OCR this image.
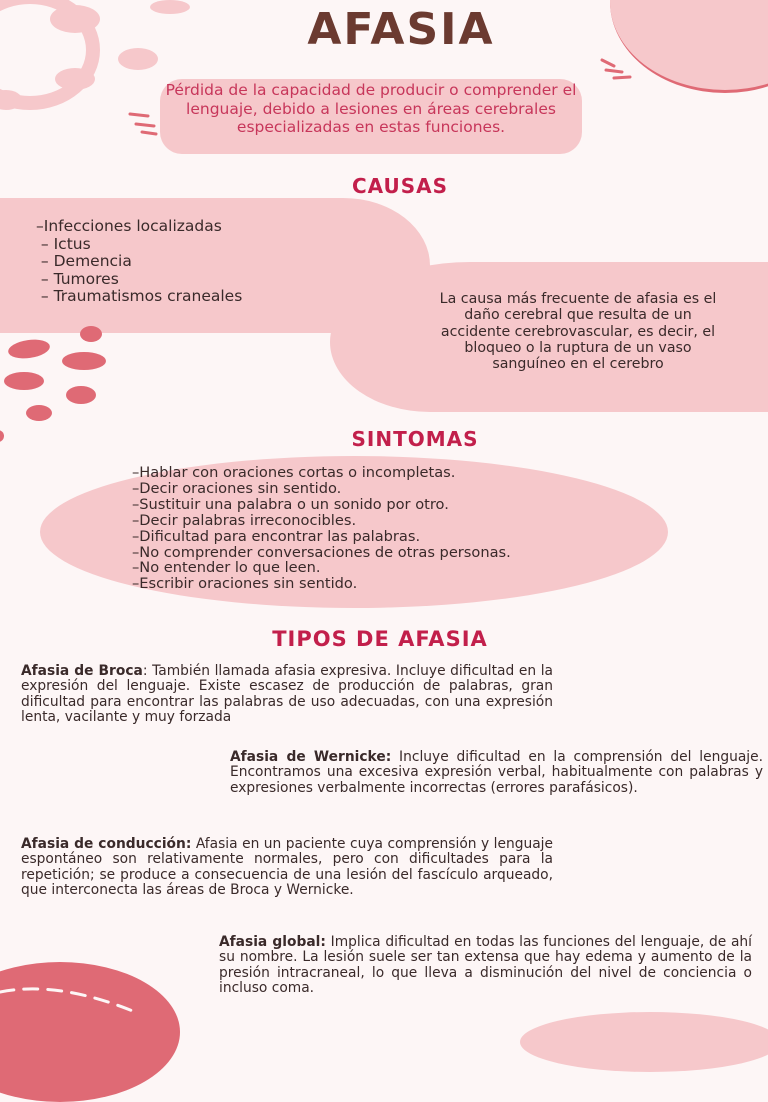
AFASIA
Pérdida de la capacidad de producir o comprender el lenguaje, debido a lesiones en áreas cerebrales especializadas en estas funciones.
CAUSAS
–Infecciones localizadas
– Ictus
– Demencia
– Tumores
– Traumatismos craneales	La causa más frecuente de afasia es el daño cerebral que resulta de un accidente cerebrovascular, es decir, el bloqueo o la ruptura de un vaso sanguíneo en el cerebro
SINTOMAS
–Hablar con oraciones cortas o incompletas.
–Decir oraciones sin sentido.
–Sustituir una palabra o un sonido por otro.
–Decir palabras irreconocibles.
–Dificultad para encontrar las palabras.
–No comprender conversaciones de otras personas.
–No entender lo que leen.
–Escribir oraciones sin sentido.
TIPOS DE AFASIA
Afasia de Broca: También llamada afasia expresiva. Incluye dificultad en la expresión del lenguaje. Existe escasez de producción de palabras, gran dificultad para encontrar las palabras de uso adecuadas, con una expresión lenta, vacilante y muy forzada
Afasia de Wernicke: Incluye dificultad en la comprensión del lenguaje. Encontramos una excesiva expresión verbal, habitualmente con palabras y expresiones verbalmente incorrectas (errores parafásicos).
Afasia de conducción: Afasia en un paciente cuya comprensión y lenguaje espontáneo son relativamente normales, pero con dificultades para la repetición; se produce a consecuencia de una lesión del fascículo arqueado, que interconecta las áreas de Broca y Wernicke.
Afasia global: Implica dificultad en todas las funciones del lenguaje, de ahí su nombre. La lesión suele ser tan extensa que hay edema y aumento de la presión intracraneal, lo que lleva a disminución del nivel de conciencia o incluso coma.
